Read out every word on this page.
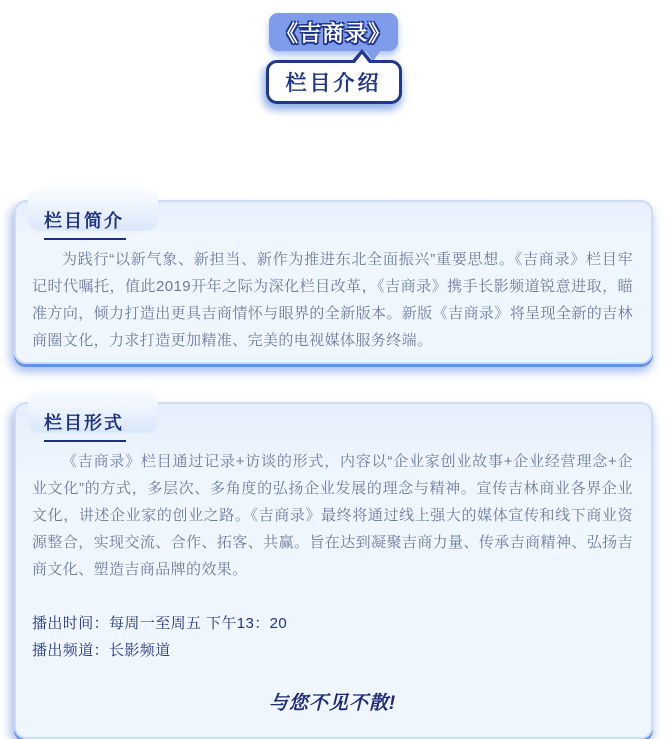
《吉商录》
栏目介绍
栏目简介

为践行“以新气象、新担当、新作为推进东北全面振兴”重要思想。《吉商录》栏目牢记时代嘱托，值此2019开年之际为深化栏目改革，《吉商录》携手长影频道锐意进取，瞄准方向，倾力打造出更具吉商情怀与眼界的全新版本。新版《吉商录》将呈现全新的吉林商圈文化，力求打造更加精准、完美的电视媒体服务终端。

栏目形式

《吉商录》栏目通过记录+访谈的形式，内容以“企业家创业故事+企业经营理念+企业文化”的方式，多层次、多角度的弘扬企业发展的理念与精神。宣传吉林商业各界企业文化，讲述企业家的创业之路。《吉商录》最终将通过线上强大的媒体宣传和线下商业资源整合，实现交流、合作、拓客、共赢。旨在达到凝聚吉商力量、传承吉商精神、弘扬吉商文化、塑造吉商品牌的效果。

播出时间：每周一至周五 下午13：20
播出频道：长影频道
与您不见不散!
